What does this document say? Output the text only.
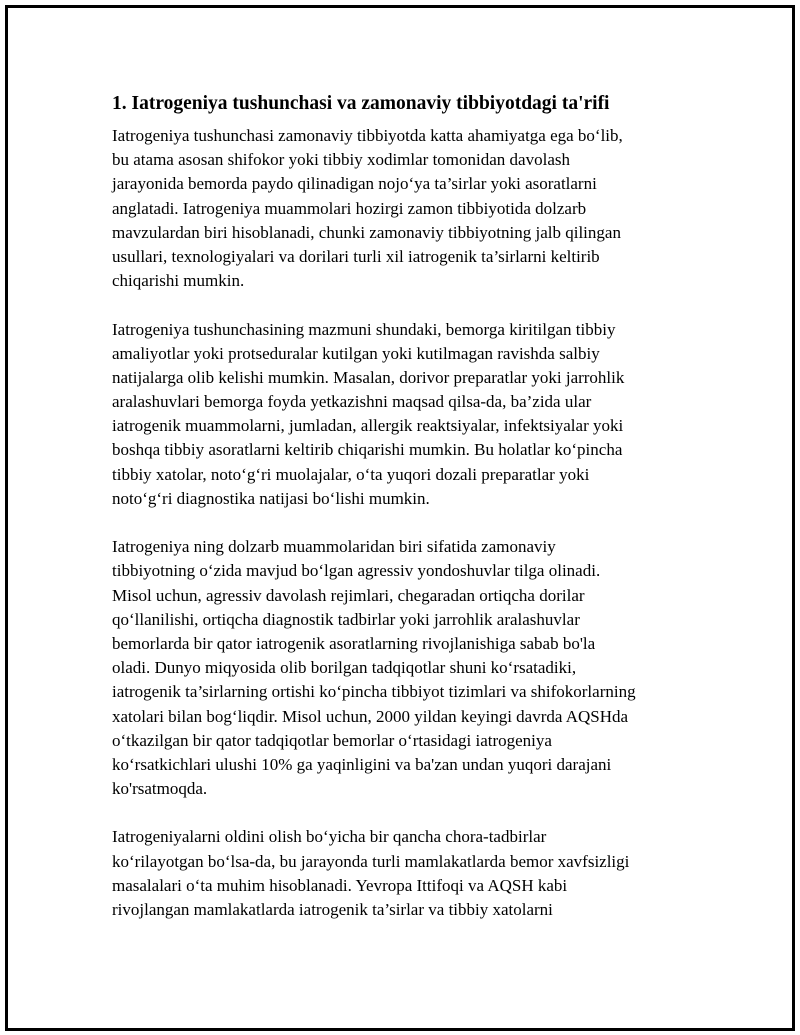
1. Iatrogeniya tushunchasi va zamonaviy tibbiyotdagi ta'rifi

Iatrogeniya tushunchasi zamonaviy tibbiyotda katta ahamiyatga ega bo‘lib,
bu atama asosan shifokor yoki tibbiy xodimlar tomonidan davolash
jarayonida bemorda paydo qilinadigan nojo‘ya ta’sirlar yoki asoratlarni
anglatadi. Iatrogeniya muammolari hozirgi zamon tibbiyotida dolzarb
mavzulardan biri hisoblanadi, chunki zamonaviy tibbiyotning jalb qilingan
usullari, texnologiyalari va dorilari turli xil iatrogenik ta’sirlarni keltirib
chiqarishi mumkin.

Iatrogeniya tushunchasining mazmuni shundaki, bemorga kiritilgan tibbiy
amaliyotlar yoki protseduralar kutilgan yoki kutilmagan ravishda salbiy
natijalarga olib kelishi mumkin. Masalan, dorivor preparatlar yoki jarrohlik
aralashuvlari bemorga foyda yetkazishni maqsad qilsa-da, ba’zida ular
iatrogenik muammolarni, jumladan, allergik reaktsiyalar, infektsiyalar yoki
boshqa tibbiy asoratlarni keltirib chiqarishi mumkin. Bu holatlar ko‘pincha
tibbiy xatolar, noto‘g‘ri muolajalar, o‘ta yuqori dozali preparatlar yoki
noto‘g‘ri diagnostika natijasi bo‘lishi mumkin.

Iatrogeniya ning dolzarb muammolaridan biri sifatida zamonaviy
tibbiyotning o‘zida mavjud bo‘lgan agressiv yondoshuvlar tilga olinadi.
Misol uchun, agressiv davolash rejimlari, chegaradan ortiqcha dorilar
qo‘llanilishi, ortiqcha diagnostik tadbirlar yoki jarrohlik aralashuvlar
bemorlarda bir qator iatrogenik asoratlarning rivojlanishiga sabab bo'la
oladi. Dunyo miqyosida olib borilgan tadqiqotlar shuni ko‘rsatadiki,
iatrogenik ta’sirlarning ortishi ko‘pincha tibbiyot tizimlari va shifokorlarning
xatolari bilan bog‘liqdir. Misol uchun, 2000 yildan keyingi davrda AQSHda
o‘tkazilgan bir qator tadqiqotlar bemorlar o‘rtasidagi iatrogeniya
ko‘rsatkichlari ulushi 10% ga yaqinligini va ba'zan undan yuqori darajani
ko'rsatmoqda.

Iatrogeniyalarni oldini olish bo‘yicha bir qancha chora-tadbirlar
ko‘rilayotgan bo‘lsa-da, bu jarayonda turli mamlakatlarda bemor xavfsizligi
masalalari o‘ta muhim hisoblanadi. Yevropa Ittifoqi va AQSH kabi
rivojlangan mamlakatlarda iatrogenik ta’sirlar va tibbiy xatolarni
